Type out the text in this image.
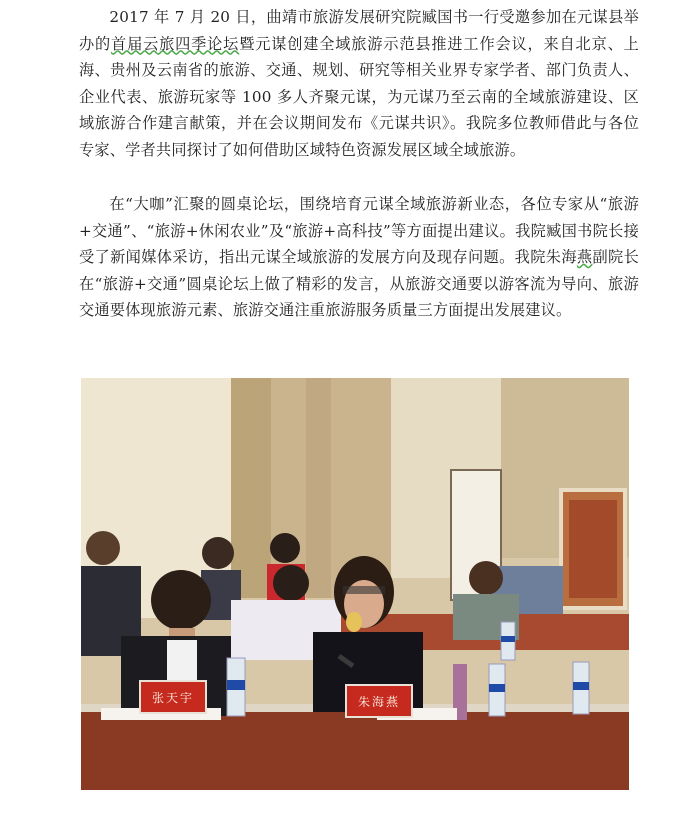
2017 年 7 月 20 日，曲靖市旅游发展研究院臧国书一行受邀参加在元谋县举办的首届云旅四季论坛暨元谋创建全域旅游示范县推进工作会议，来自北京、上海、贵州及云南省的旅游、交通、规划、研究等相关业界专家学者、部门负责人、企业代表、旅游玩家等 100 多人齐聚元谋，为元谋乃至云南的全域旅游建设、区域旅游合作建言献策，并在会议期间发布《元谋共识》。我院多位教师借此与各位专家、学者共同探讨了如何借助区域特色资源发展区域全域旅游。

在“大咖”汇聚的圆桌论坛，围绕培育元谋全域旅游新业态，各位专家从“旅游+交通”、“旅游+休闲农业”及“旅游+高科技”等方面提出建议。我院臧国书院长接受了新闻媒体采访，指出元谋全域旅游的发展方向及现存问题。我院朱海燕副院长在“旅游+交通”圆桌论坛上做了精彩的发言，从旅游交通要以游客流为导向、旅游交通要体现旅游元素、旅游交通注重旅游服务质量三方面提出发展建议。

张天宇	朱海燕
